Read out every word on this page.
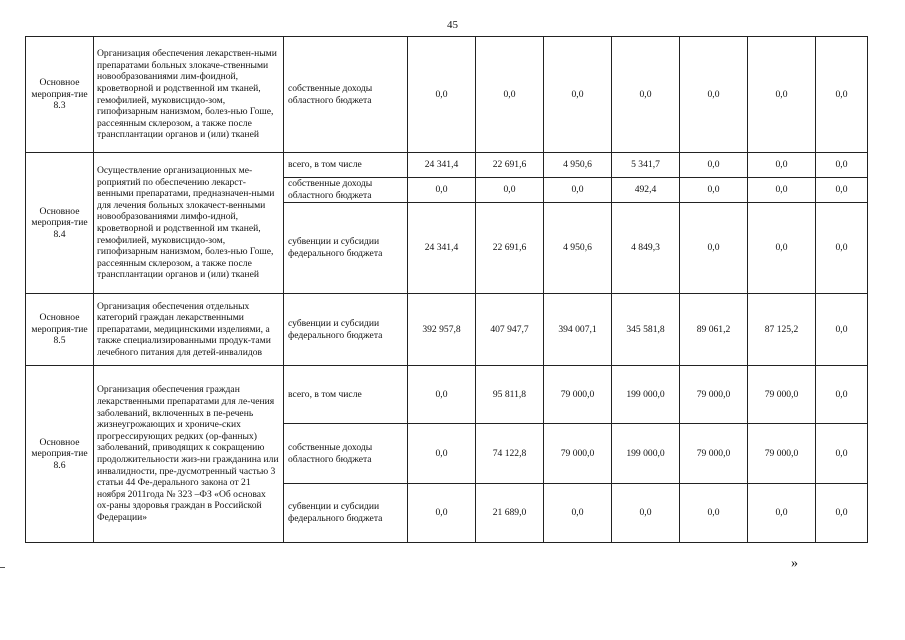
45
Основное мероприя-тие 8.3	Организация обеспечения лекарствен-ными препаратами больных злокаче-ственными новообразованиями лим-фоидной, кроветворной и родственной им тканей, гемофилией, муковисцидо-зом, гипофизарным нанизмом, болез-нью Гоше, рассеянным склерозом, а также после трансплантации органов и (или) тканей	собственные доходы областного бюджета	0,0	0,0	0,0	0,0	0,0	0,0	0,0
Основное мероприя-тие 8.4	Осуществление организационных ме-роприятий по обеспечению лекарст-венными препаратами, предназначен-ными для лечения больных злокачест-венными новообразованиями лимфо-идной, кроветворной и родственной им тканей, гемофилией, муковисцидо-зом, гипофизарным нанизмом, болез-нью Гоше, рассеянным склерозом, а также после трансплантации органов и (или) тканей	всего, в том числе	24 341,4	22 691,6	4 950,6	5 341,7	0,0	0,0	0,0
		собственные доходы областного бюджета	0,0	0,0	0,0	492,4	0,0	0,0	0,0
		субвенции и субсидии федерального бюджета	24 341,4	22 691,6	4 950,6	4 849,3	0,0	0,0	0,0
Основное мероприя-тие 8.5	Организация обеспечения отдельных категорий граждан лекарственными препаратами, медицинскими изделиями, а также специализированными продук-тами лечебного питания для детей-инвалидов	субвенции и субсидии федерального бюджета	392 957,8	407 947,7	394 007,1	345 581,8	89 061,2	87 125,2	0,0
Основное мероприя-тие 8.6	Организация обеспечения граждан лекарственными препаратами для ле-чения заболеваний, включенных в пе-речень жизнеугрожающих и хрониче-ских прогрессирующих редких (ор-фанных) заболеваний, приводящих к сокращению продолжительности жиз-ни гражданина или инвалидности, пре-дусмотренный частью 3 статьи 44 Фе-дерального закона от 21 ноября 2011года № 323 –ФЗ «Об основах ох-раны здоровья граждан в Российской Федерации»	всего, в том числе	0,0	95 811,8	79 000,0	199 000,0	79 000,0	79 000,0	0,0
		собственные доходы областного бюджета	0,0	74 122,8	79 000,0	199 000,0	79 000,0	79 000,0	0,0
		субвенции и субсидии федерального бюджета	0,0	21 689,0	0,0	0,0	0,0	0,0	0,0
»
